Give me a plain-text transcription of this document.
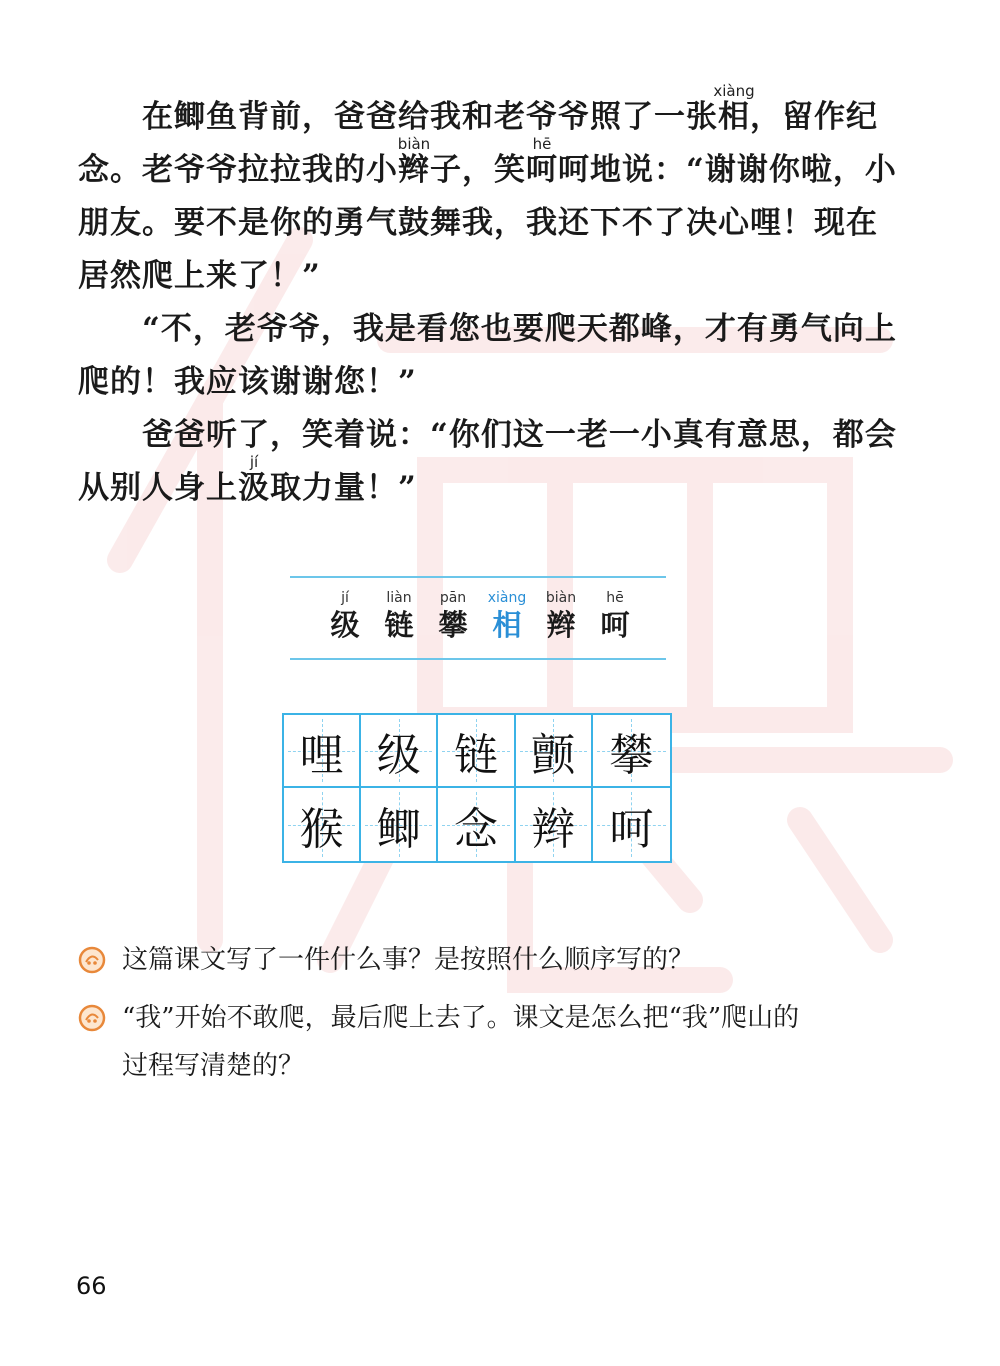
在鲫鱼背前，爸爸给我和老爷爷照了一张
xiàng
相，留作纪
念。老爷爷拉拉我的小
biàn
辫子，笑
hē
呵呵地说：“谢谢你啦，小
朋友。要不是你的勇气鼓舞我，我还下不了决心哩！现在
居然爬上来了！”
“不，老爷爷，我是看您也要爬天都峰，才有勇气向上
爬的！我应该谢谢您！”
爸爸听了，笑着说：“你们这一老一小真有意思，都会
从别人身上
jí
汲取力量！”
jí
级
liàn
链
pān
攀
xiàng
相
biàn
辫
hē
呵
哩 级 链 颤 攀
猴 鲫 念 辫 呵
这篇课文写了一件什么事？是按照什么顺序写的？
“我”开始不敢爬，最后爬上去了。课文是怎么把“我”爬山的
过程写清楚的？
66
